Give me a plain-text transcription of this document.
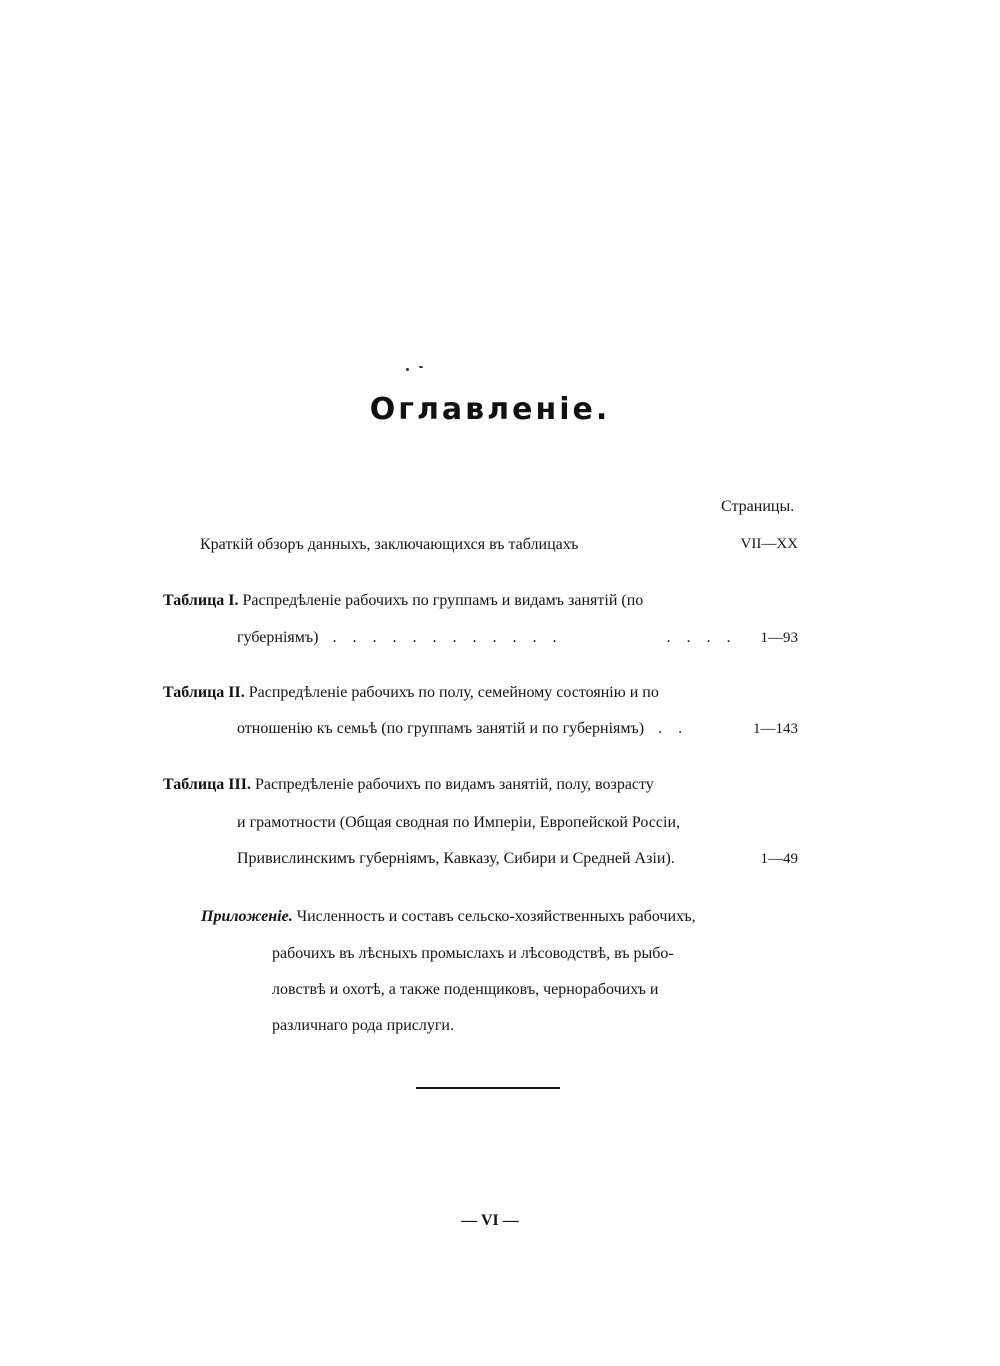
Оглавленіе.
Страницы.
Краткій обзоръ данныхъ, заключающихся въ таблицахъ	VII—XX
Таблица I. Распредѣленіе рабочихъ по группамъ и видамъ занятій (по
губерніямъ)  . . . . . . . . . . . .	. . . .	1—93
Таблица II. Распредѣленіе рабочихъ по полу, семейному состоянію и по
отношенію къ семьѣ (по группамъ занятій и по губерніямъ)  . .	1—143
Таблица III. Распредѣленіе рабочихъ по видамъ занятій, полу, возрасту
и грамотности (Общая сводная по Имперіи, Европейской Россіи,
Привислинскимъ губерніямъ, Кавказу, Сибири и Средней Азіи).	1—49
Приложеніе. Численность и составъ сельско-хозяйственныхъ рабочихъ,
рабочихъ въ лѣсныхъ промыслахъ и лѣсоводствѣ, въ рыбо-
ловствѣ и охотѣ, а также поденщиковъ, чернорабочихъ и
различнаго рода прислуги.
— VI —
